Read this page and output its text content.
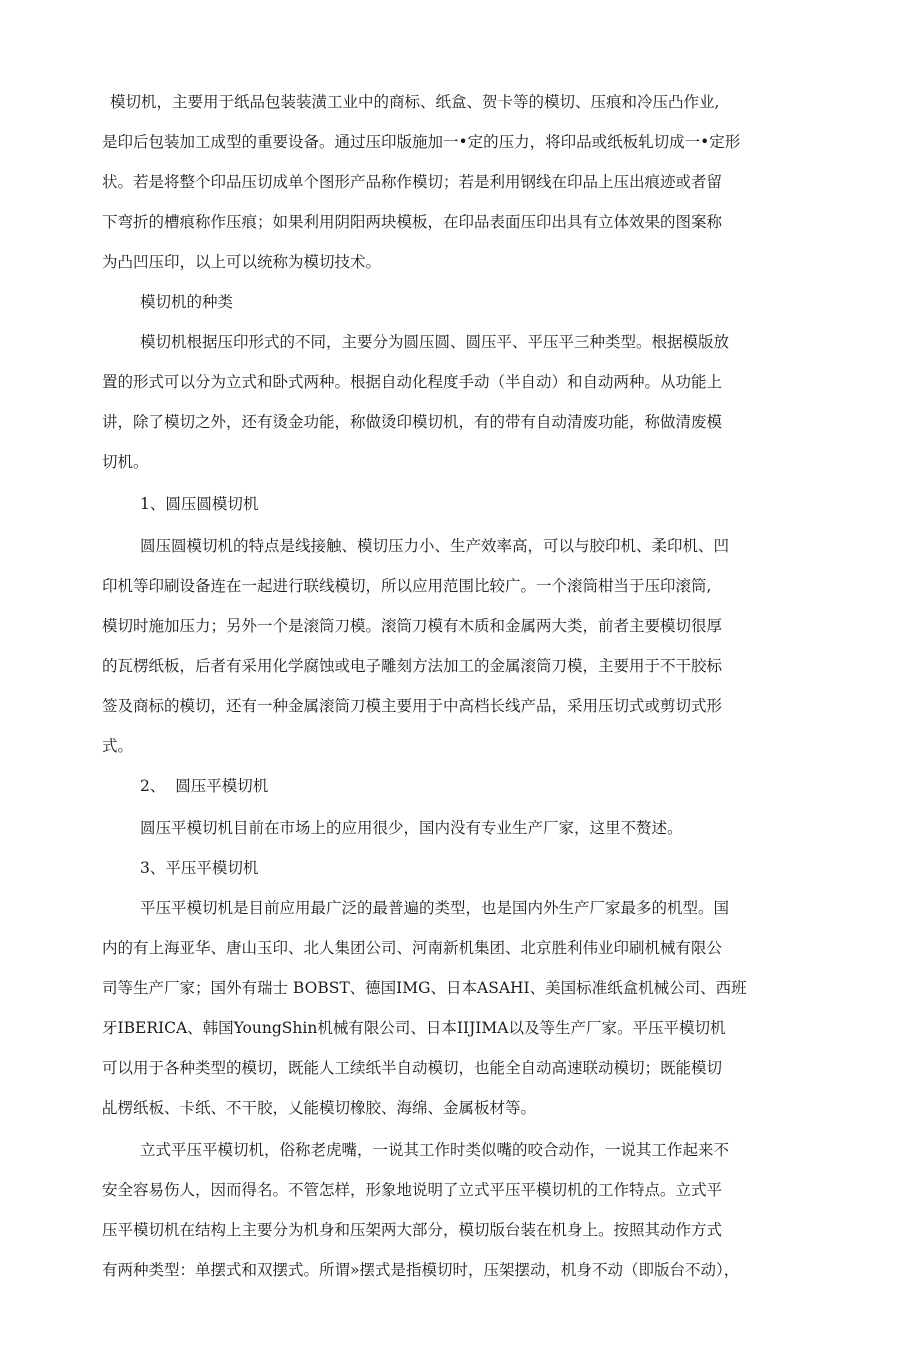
模切机，主要用于纸品包装装潢工业中的商标、纸盒、贺卡等的模切、压痕和冷压凸作业,
是印后包装加工成型的重要设备。通过压印版施加一•定的压力，将印品或纸板轧切成一•定形
状。若是将整个印品压切成单个图形产品称作模切；若是利用钢线在印品上压出痕迹或者留
下弯折的槽痕称作压痕；如果利用阴阳两块模板，在印品表面压印出具有立体效果的图案称
为凸凹压印，以上可以统称为模切技术。
模切机的种类
模切机根据压印形式的不同，主要分为圆压圆、圆压平、平压平三种类型。根据模版放
置的形式可以分为立式和卧式两种。根据自动化程度手动（半自动）和自动两种。从功能上
讲，除了模切之外，还有烫金功能，称做烫印模切机，有的带有自动清废功能，称做清废模
切机。
1、圆压圆模切机
圆压圆模切机的特点是线接触、模切压力小、生产效率高，可以与胶印机、柔印机、凹
印机等印刷设备连在一起进行联线模切，所以应用范围比较广。一个滚筒柑当于压印滚筒,
模切时施加压力；另外一个是滚筒刀模。滚筒刀模有木质和金属两大类，前者主要模切很厚
的瓦楞纸板，后者有采用化学腐蚀或电子雕刻方法加工的金属滚筒刀模，主要用于不干胶标
签及商标的模切，还有一种金属滚筒刀模主要用于中高档长线产品，采用压切式或剪切式形
式。
2、  圆压平模切机
圆压平模切机目前在市场上的应用很少，国内没有专业生产厂家，这里不赘述。
3、平压平模切机
平压平模切机是目前应用最广泛的最普遍的类型，也是国内外生产厂家最多的机型。国
内的有上海亚华、唐山玉印、北人集团公司、河南新机集团、北京胜利伟业印刷机械有限公
司等生产厂家；国外有瑞士 BOBST、德国IMG、日本ASAHI、美国标准纸盒机械公司、西班
牙IBERICA、韩国YoungShin机械有限公司、日本IIJIMA以及等生产厂家。平压平模切机
可以用于各种类型的模切，既能人工续纸半自动模切，也能全自动高速联动模切；既能模切
乩楞纸板、卡纸、不干胶，乂能模切橡胶、海绵、金属板材等。
立式平压平模切机，俗称老虎嘴，一说其工作时类似嘴的咬合动作，一说其工作起来不
安全容易伤人，因而得名。不管怎样，形象地说明了立式平压平模切机的工作特点。立式平
压平模切机在结构上主要分为机身和压架两大部分，模切版台装在机身上。按照其动作方式
有两种类型：单摆式和双摆式。所谓»摆式是指模切时，压架摆动，机身不动（即版台不动），
